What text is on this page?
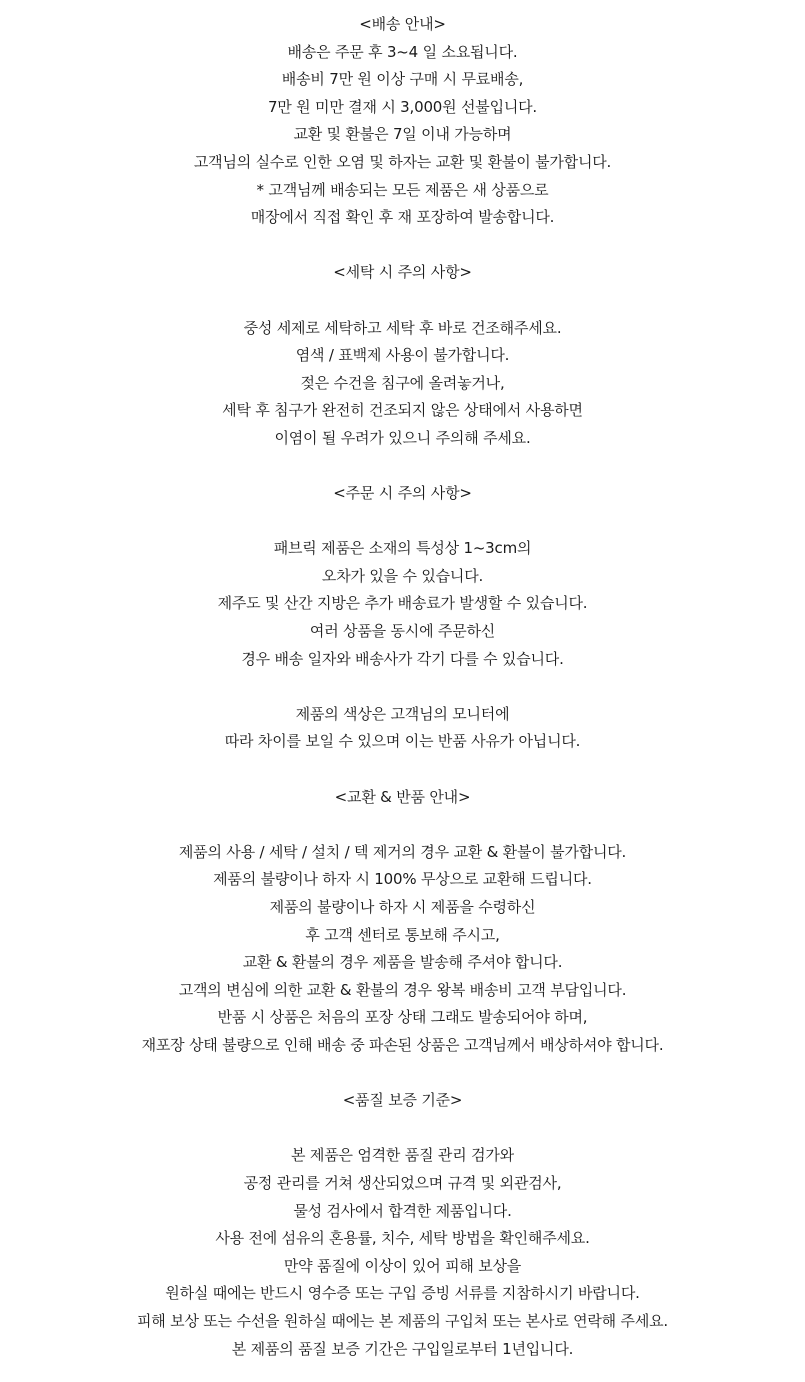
<배송 안내>
배송은 주문 후 3~4 일 소요됩니다.
배송비 7만 원 이상 구매 시 무료배송,
7만 원 미만 결재 시 3,000원 선불입니다.
교환 및 환불은 7일 이내 가능하며
고객님의 실수로 인한 오염 및 하자는 교환 및 환불이 불가합니다.
* 고객님께 배송되는 모든 제품은 새 상품으로
매장에서 직접 확인 후 재 포장하여 발송합니다.
<세탁 시 주의 사항>
중성 세제로 세탁하고 세탁 후 바로 건조해주세요.
염색 / 표백제 사용이 불가합니다.
젖은 수건을 침구에 올려놓거나,
세탁 후 침구가 완전히 건조되지 않은 상태에서 사용하면
이염이 될 우려가 있으니 주의해 주세요.
<주문 시 주의 사항>
패브릭 제품은 소재의 특성상 1~3cm의
오차가 있을 수 있습니다.
제주도 및 산간 지방은 추가 배송료가 발생할 수 있습니다.
여러 상품을 동시에 주문하신
경우 배송 일자와 배송사가 각기 다를 수 있습니다.
제품의 색상은 고객님의 모니터에
따라 차이를 보일 수 있으며 이는 반품 사유가 아닙니다.
<교환 & 반품 안내>
제품의 사용 / 세탁 / 설치 / 텍 제거의 경우 교환 & 환불이 불가합니다.
제품의 불량이나 하자 시 100% 무상으로 교환해 드립니다.
제품의 불량이나 하자 시 제품을 수령하신
후 고객 센터로 통보해 주시고,
교환 & 환불의 경우 제품을 발송해 주셔야 합니다.
고객의 변심에 의한 교환 & 환불의 경우 왕복 배송비 고객 부담입니다.
반품 시 상품은 처음의 포장 상태 그래도 발송되어야 하며,
재포장 상태 불량으로 인해 배송 중 파손된 상품은 고객님께서 배상하셔야 합니다.
<품질 보증 기준>
본 제품은 엄격한 품질 관리 검가와
공정 관리를 거쳐 생산되었으며 규격 및 외관검사,
물성 검사에서 합격한 제품입니다.
사용 전에 섬유의 혼용률, 치수, 세탁 방법을 확인해주세요.
만약 품질에 이상이 있어 피해 보상을
원하실 때에는 반드시 영수증 또는 구입 증빙 서류를 지참하시기 바랍니다.
피해 보상 또는 수선을 원하실 때에는 본 제품의 구입처 또는 본사로 연락해 주세요.
본 제품의 품질 보증 기간은 구입일로부터 1년입니다.
